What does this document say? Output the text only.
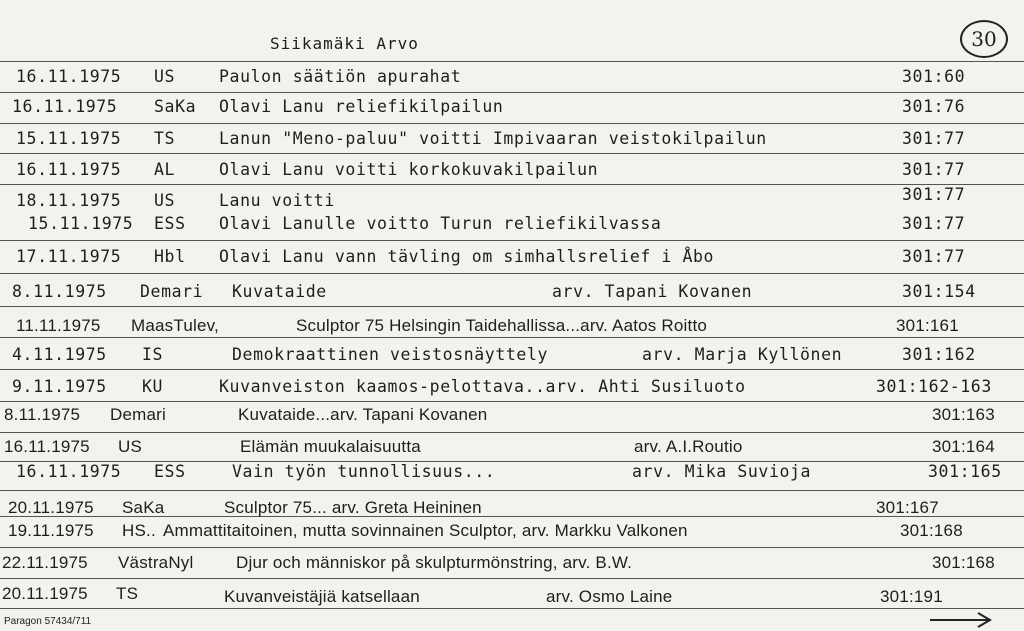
Siikamäki Arvo	30
16.11.1975 US	Paulon säätiön apurahat	301:60
16.11.1975 SaKa Olavi Lanu reliefikilpailun	301:76
15.11.1975 TS	Lanun "Meno-paluu" voitti Impivaaran veistokilpailun	301:77
16.11.1975 AL	Olavi Lanu voitti korkokuvakilpailun	301:77
18.11.1975 US	Lanu voitti	301:77
15.11.1975 ESS Olavi Lanulle voitto Turun reliefikilvassa	301:77
17.11.1975 Hbl Olavi Lanu vann tävling om simhallsrelief i Åbo	301:77
8.11.1975 Demari Kuvataide	arv. Tapani Kovanen	301:154
11.11.1975 MaasTulev,	Sculptor 75 Helsingin Taidehallissa...arv. Aatos Roitto	301:161
4.11.1975 IS	Demokraattinen veistosnäyttely	arv. Marja Kyllönen	301:162
9.11.1975 KU	Kuvanveiston kaamos-pelottava..arv. Ahti Susiluoto	301:162-163
8.11.1975 Demari	Kuvataide...arv. Tapani Kovanen	301:163
16.11.1975 US	Elämän muukalaisuutta	arv. A.I.Routio	301:164
16.11.1975 ESS	Vain työn tunnollisuus...	arv. Mika Suvioja	301:165
20.11.1975 SaKa	Sculptor 75... arv. Greta Heininen	301:167
19.11.1975 HS.. Ammattitaitoinen, mutta sovinnainen Sculptor, arv. Markku Valkonen	301:168
22.11.1975 VästraNyl	Djur och människor på skulpturmönstring, arv. B.W.	301:168
20.11.1975 TS	Kuvanveistäjiä katsellaan	arv. Osmo Laine	301:191
Paragon 57434/711
